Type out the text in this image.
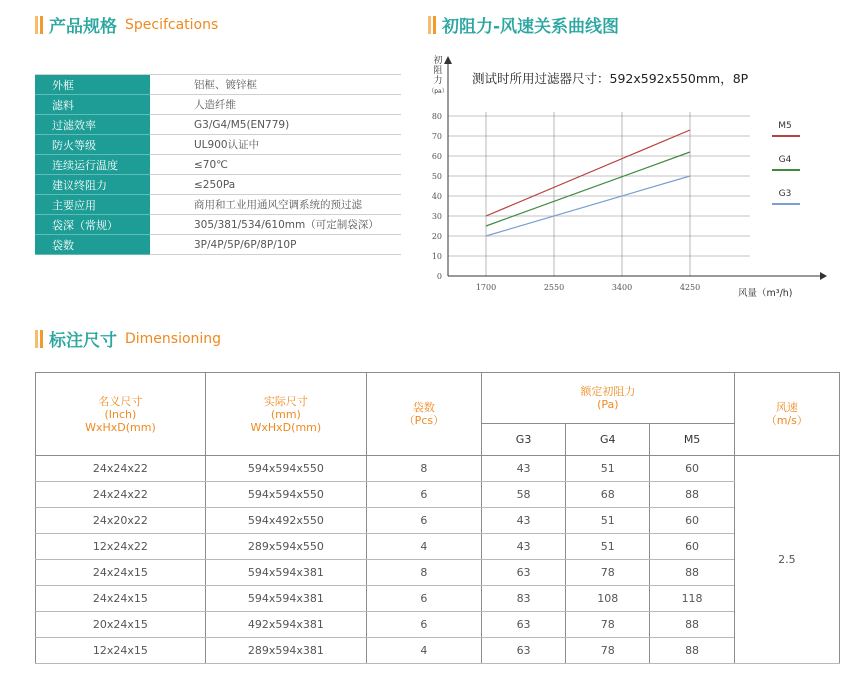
产品规格 Specifcations
外框	铝框、镀锌框
滤料	人造纤维
过滤效率	G3/G4/M5(EN779)
防火等级	UL900认证中
连续运行温度	≤70℃
建议终阻力	≤250Pa
主要应用	商用和工业用通风空调系统的预过滤
袋深（常规）	305/381/534/610mm（可定制袋深）
袋数	3P/4P/5P/6P/8P/10P
初阻力-风速关系曲线图
0
10
20
30
40
50
60
70
80
1700	2550	3400	4250
初
阻
力
（pa）
风量（m³/h)
测试时所用过滤器尺寸：592x592x550mm，8P
M5
G4
G3
标注尺寸 Dimensioning
名义尺寸
(Inch)
WxHxD(mm)	实际尺寸
(mm)
WxHxD(mm)	袋数
（Pcs）	额定初阻力
(Pa)			风速
（m/s）

			G3	G4	M5	
24x24x22	594x594x550	8	43	51	60	2.5
24x24x22	594x594x550	6	58	68	88	
24x20x22	594x492x550	6	43	51	60	
12x24x22	289x594x550	4	43	51	60	
24x24x15	594x594x381	8	63	78	88	
24x24x15	594x594x381	6	83	108	118	
20x24x15	492x594x381	6	63	78	88	
12x24x15	289x594x381	4	63	78	88	
